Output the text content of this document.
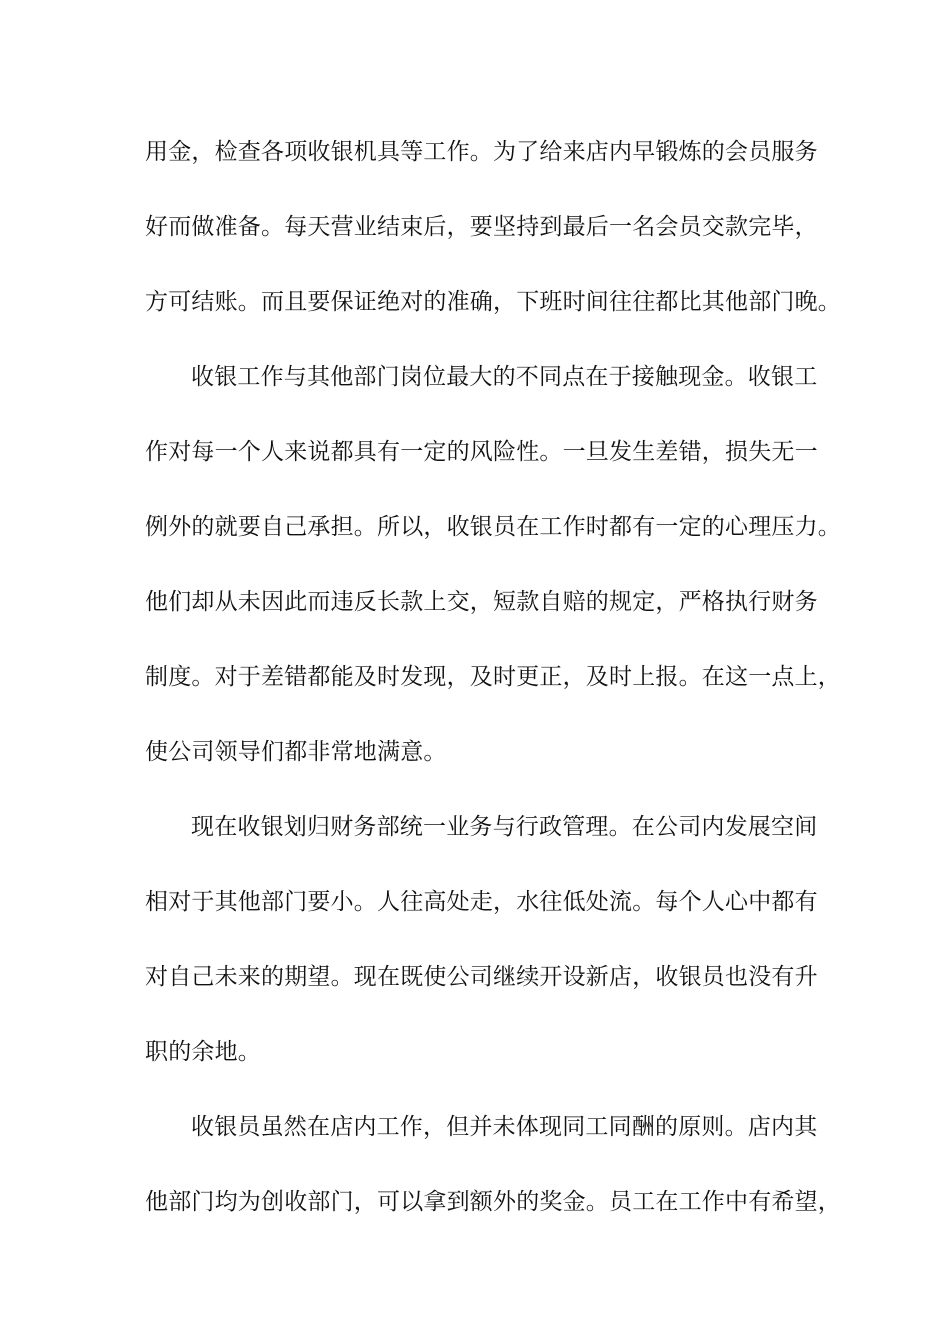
用金，检查各项收银机具等工作。为了给来店内早锻炼的会员服务
好而做准备。每天营业结束后，要坚持到最后一名会员交款完毕，
方可结账。而且要保证绝对的准确，下班时间往往都比其他部门晚。
收银工作与其他部门岗位最大的不同点在于接触现金。收银工
作对每一个人来说都具有一定的风险性。一旦发生差错，损失无一
例外的就要自己承担。所以，收银员在工作时都有一定的心理压力。
他们却从未因此而违反长款上交，短款自赔的规定，严格执行财务
制度。对于差错都能及时发现，及时更正，及时上报。在这一点上，
使公司领导们都非常地满意。
现在收银划归财务部统一业务与行政管理。在公司内发展空间
相对于其他部门要小。人往高处走，水往低处流。每个人心中都有
对自己未来的期望。现在既使公司继续开设新店，收银员也没有升
职的余地。
收银员虽然在店内工作，但并未体现同工同酬的原则。店内其
他部门均为创收部门，可以拿到额外的奖金。员工在工作中有希望，
